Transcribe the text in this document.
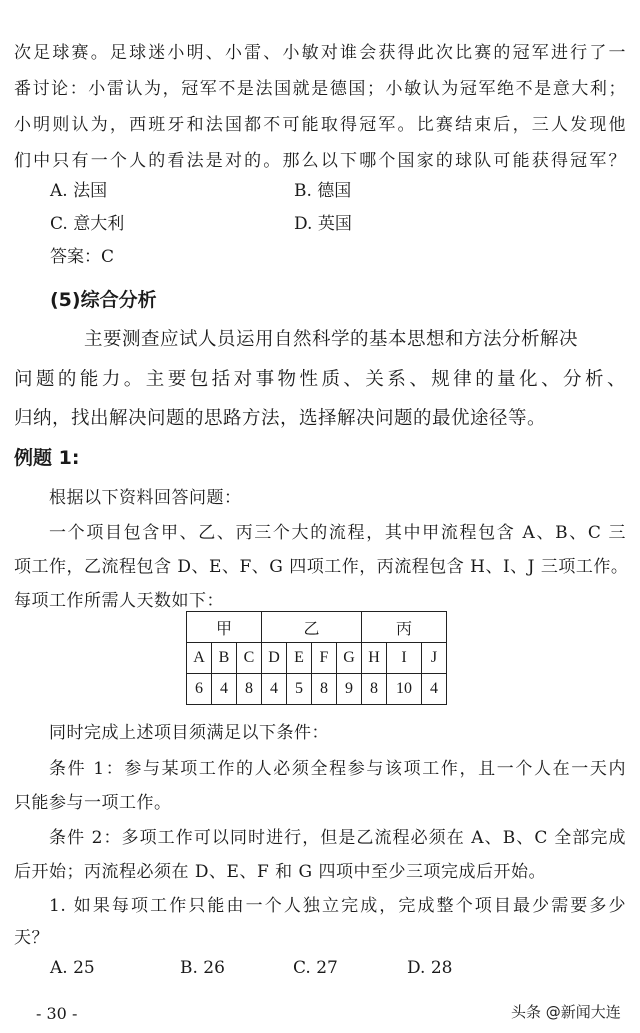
次足球赛。足球迷小明、小雷、小敏对谁会获得此次比赛的冠军进行了一
番讨论：小雷认为，冠军不是法国就是德国；小敏认为冠军绝不是意大利；
小明则认为，西班牙和法国都不可能取得冠军。比赛结束后，三人发现他
们中只有一个人的看法是对的。那么以下哪个国家的球队可能获得冠军？
A. 法国	B. 德国
C. 意大利	D. 英国
答案：C
(5)综合分析
主要测查应试人员运用自然科学的基本思想和方法分析解决
问题的能力。主要包括对事物性质、关系、规律的量化、分析、
归纳，找出解决问题的思路方法，选择解决问题的最优途径等。
例题 1:
根据以下资料回答问题：
一个项目包含甲、乙、丙三个大的流程，其中甲流程包含 A、B、C 三
项工作，乙流程包含 D、E、F、G 四项工作，丙流程包含 H、I、J 三项工作。
每项工作所需人天数如下：
甲			乙				丙		
A	B	C	D	E	F	G	H	I	J
6	4	8	4	5	8	9	8	10	4
同时完成上述项目须满足以下条件：
条件 1：参与某项工作的人必须全程参与该项工作，且一个人在一天内
只能参与一项工作。
条件 2：多项工作可以同时进行，但是乙流程必须在 A、B、C 全部完成
后开始；丙流程必须在 D、E、F 和 G 四项中至少三项完成后开始。
1. 如果每项工作只能由一个人独立完成，完成整个项目最少需要多少
天？
A. 25	B. 26	C. 27	D. 28
- 30 -	头条 @新闻大连
